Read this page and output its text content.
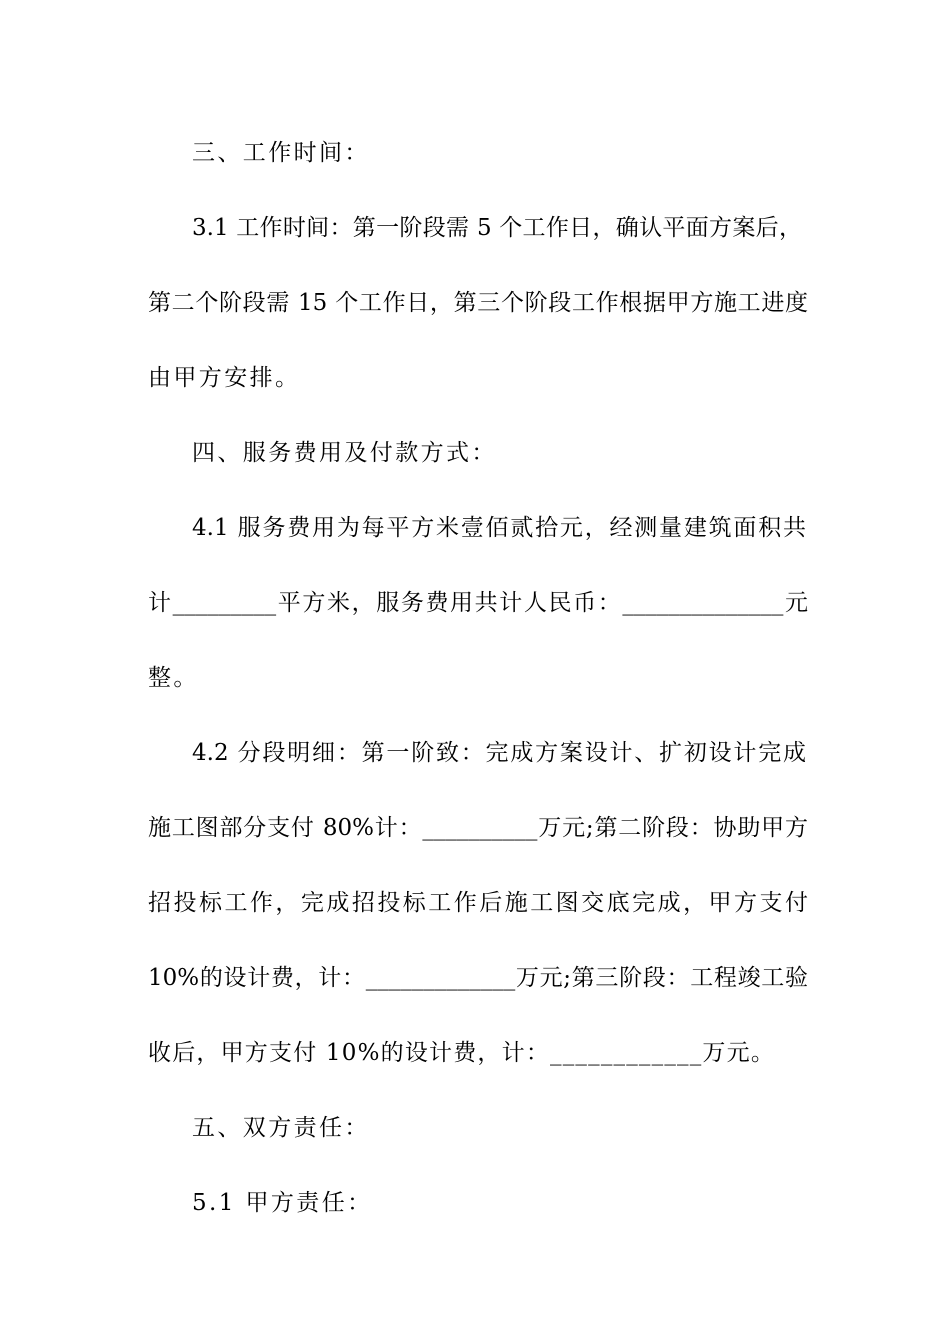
三、工作时间：
3.1 工作时间：第一阶段需 5 个工作日，确认平面方案后，
第二个阶段需 15 个工作日，第三个阶段工作根据甲方施工进度
由甲方安排。
四、服务费用及付款方式：
4.1 服务费用为每平方米壹佰贰拾元，经测量建筑面积共
计_________平方米，服务费用共计人民币：______________元
整。
4.2 分段明细：第一阶致：完成方案设计、扩初设计完成
施工图部分支付 80%计：__________万元;第二阶段：协助甲方
招投标工作，完成招投标工作后施工图交底完成，甲方支付
10%的设计费，计：_____________万元;第三阶段：工程竣工验
收后，甲方支付 10%的设计费，计：____________万元。
五、双方责任：
5.1 甲方责任：
